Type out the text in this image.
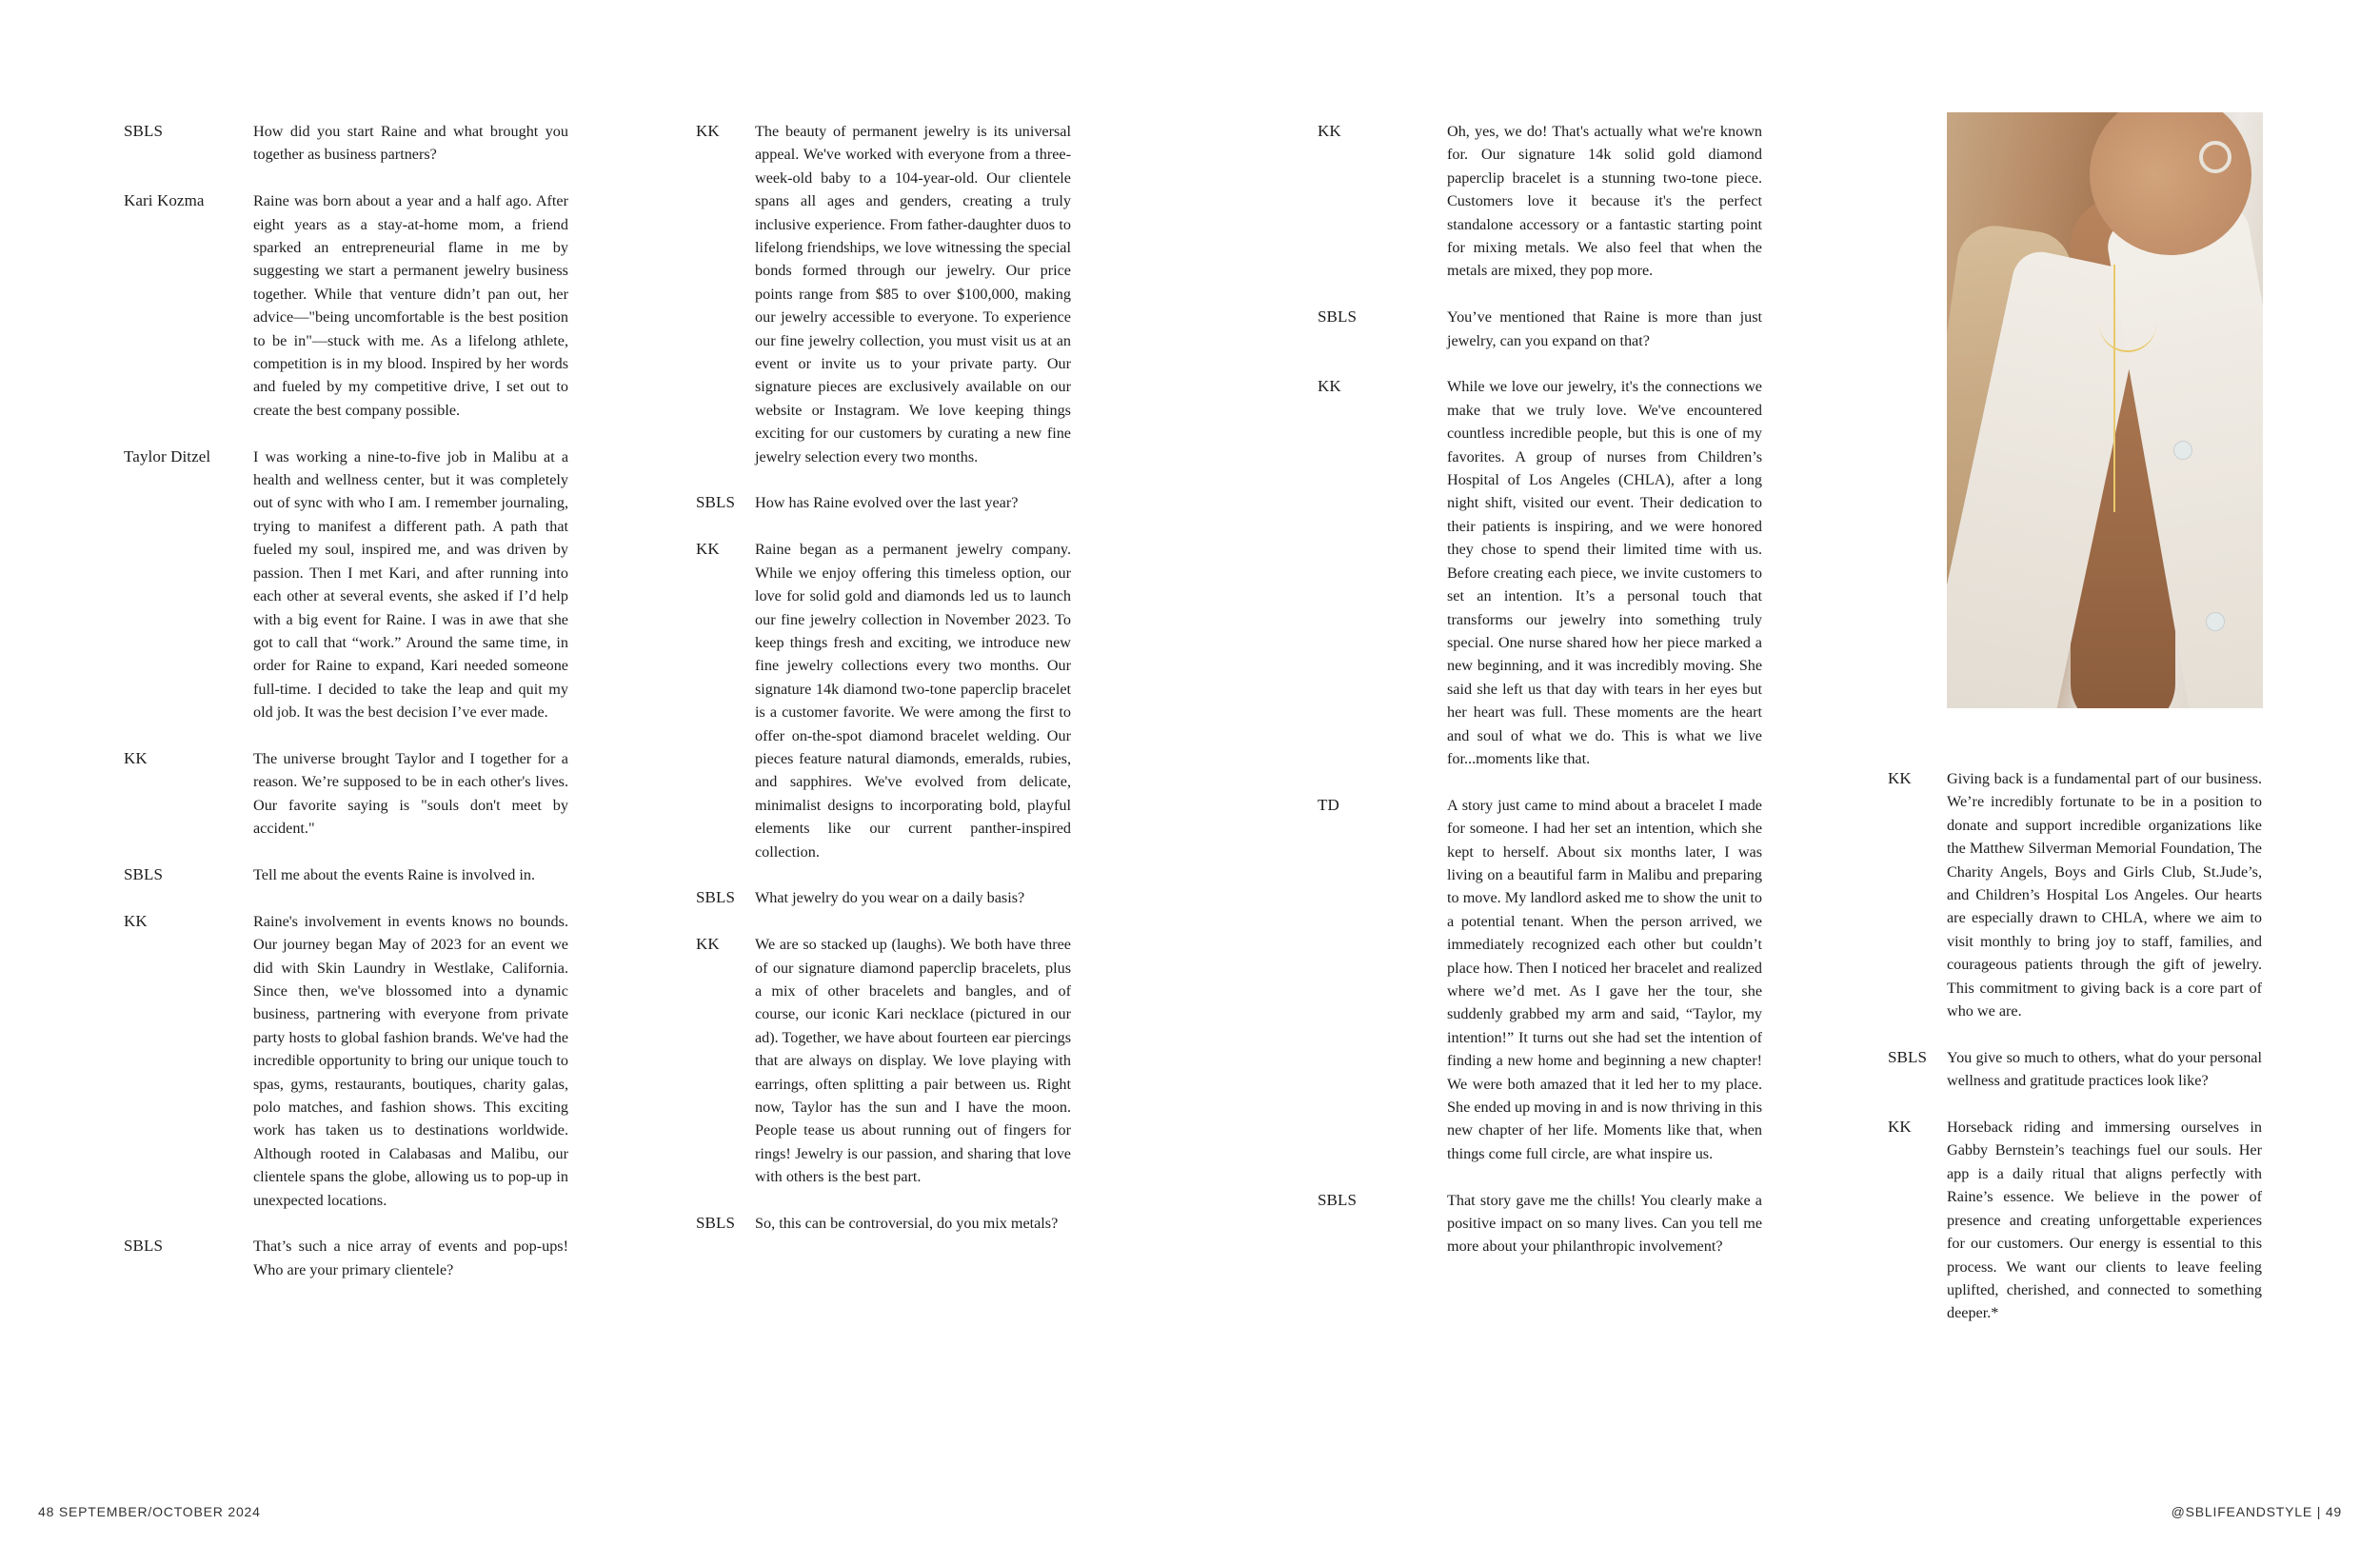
SBLS	How did you start Raine and what brought you together as business partners?
Kari Kozma	Raine was born about a year and a half ago. After eight years as a stay-at-home mom, a friend sparked an entrepreneurial flame in me by suggesting we start a permanent jewelry business together. While that venture didn’t pan out, her advice—"being uncomfortable is the best position to be in"—stuck with me. As a lifelong athlete, competition is in my blood. Inspired by her words and fueled by my competitive drive, I set out to create the best company possible.
Taylor Ditzel	I was working a nine-to-five job in Malibu at a health and wellness center, but it was completely out of sync with who I am. I remember journaling, trying to manifest a different path. A path that fueled my soul, inspired me, and was driven by passion. Then I met Kari, and after running into each other at several events, she asked if I’d help with a big event for Raine. I was in awe that she got to call that “work.” Around the same time, in order for Raine to expand, Kari needed someone full-time. I decided to take the leap and quit my old job. It was the best decision I’ve ever made.
KK	The universe brought Taylor and I together for a reason. We’re supposed to be in each other's lives. Our favorite saying is "souls don't meet by accident."
SBLS	Tell me about the events Raine is involved in.
KK	Raine's involvement in events knows no bounds. Our journey began May of 2023 for an event we did with Skin Laundry in Westlake, California. Since then, we've blossomed into a dynamic business, partnering with everyone from private party hosts to global fashion brands. We've had the incredible opportunity to bring our unique touch to spas, gyms, restaurants, boutiques, charity galas, polo matches, and fashion shows. This exciting work has taken us to destinations worldwide. Although rooted in Calabasas and Malibu, our clientele spans the globe, allowing us to pop-up in unexpected locations.
SBLS	That’s such a nice array of events and pop-ups! Who are your primary clientele?
KK	The beauty of permanent jewelry is its universal appeal. We've worked with everyone from a three-week-old baby to a 104-year-old. Our clientele spans all ages and genders, creating a truly inclusive experience. From father-daughter duos to lifelong friendships, we love witnessing the special bonds formed through our jewelry. Our price points range from $85 to over $100,000, making our jewelry accessible to everyone. To experience our fine jewelry collection, you must visit us at an event or invite us to your private party. Our signature pieces are exclusively available on our website or Instagram. We love keeping things exciting for our customers by curating a new fine jewelry selection every two months.
SBLS	How has Raine evolved over the last year?
KK	Raine began as a permanent jewelry company. While we enjoy offering this timeless option, our love for solid gold and diamonds led us to launch our fine jewelry collection in November 2023. To keep things fresh and exciting, we introduce new fine jewelry collections every two months. Our signature 14k diamond two-tone paperclip bracelet is a customer favorite. We were among the first to offer on-the-spot diamond bracelet welding. Our pieces feature natural diamonds, emeralds, rubies, and sapphires. We've evolved from delicate, minimalist designs to incorporating bold, playful elements like our current panther-inspired collection.
SBLS	What jewelry do you wear on a daily basis?
KK	We are so stacked up (laughs). We both have three of our signature diamond paperclip bracelets, plus a mix of other bracelets and bangles, and of course, our iconic Kari necklace (pictured in our ad). Together, we have about fourteen ear piercings that are always on display. We love playing with earrings, often splitting a pair between us. Right now, Taylor has the sun and I have the moon. People tease us about running out of fingers for rings! Jewelry is our passion, and sharing that love with others is the best part.
SBLS	So, this can be controversial, do you mix metals?
KK	Oh, yes, we do! That's actually what we're known for. Our signature 14k solid gold diamond paperclip bracelet is a stunning two-tone piece. Customers love it because it's the perfect standalone accessory or a fantastic starting point for mixing metals. We also feel that when the metals are mixed, they pop more.
SBLS	You’ve mentioned that Raine is more than just jewelry, can you expand on that?
KK	While we love our jewelry, it's the connections we make that we truly love. We've encountered countless incredible people, but this is one of my favorites. A group of nurses from Children’s Hospital of Los Angeles (CHLA), after a long night shift, visited our event. Their dedication to their patients is inspiring, and we were honored they chose to spend their limited time with us. Before creating each piece, we invite customers to set an intention. It’s a personal touch that transforms our jewelry into something truly special. One nurse shared how her piece marked a new beginning, and it was incredibly moving. She said she left us that day with tears in her eyes but her heart was full. These moments are the heart and soul of what we do. This is what we live for...moments like that.
TD	A story just came to mind about a bracelet I made for someone. I had her set an intention, which she kept to herself. About six months later, I was living on a beautiful farm in Malibu and preparing to move. My landlord asked me to show the unit to a potential tenant. When the person arrived, we immediately recognized each other but couldn’t place how. Then I noticed her bracelet and realized where we’d met. As I gave her the tour, she suddenly grabbed my arm and said, “Taylor, my intention!” It turns out she had set the intention of finding a new home and beginning a new chapter! We were both amazed that it led her to my place. She ended up moving in and is now thriving in this new chapter of her life. Moments like that, when things come full circle, are what inspire us.
SBLS	That story gave me the chills! You clearly make a positive impact on so many lives. Can you tell me more about your philanthropic involvement?
KK	Giving back is a fundamental part of our business. We’re incredibly fortunate to be in a position to donate and support incredible organizations like the Matthew Silverman Memorial Foundation, The Charity Angels, Boys and Girls Club, St.Jude’s, and Children’s Hospital Los Angeles. Our hearts are especially drawn to CHLA, where we aim to visit monthly to bring joy to staff, families, and courageous patients through the gift of jewelry. This commitment to giving back is a core part of who we are.
SBLS	You give so much to others, what do your personal wellness and gratitude practices look like?
KK	Horseback riding and immersing ourselves in Gabby Bernstein’s teachings fuel our souls. Her app is a daily ritual that aligns perfectly with Raine’s essence. We believe in the power of presence and creating unforgettable experiences for our customers. Our energy is essential to this process. We want our clients to leave feeling uplifted, cherished, and connected to something deeper.*
48 SEPTEMBER/OCTOBER 2024	@SBLIFEANDSTYLE | 49
